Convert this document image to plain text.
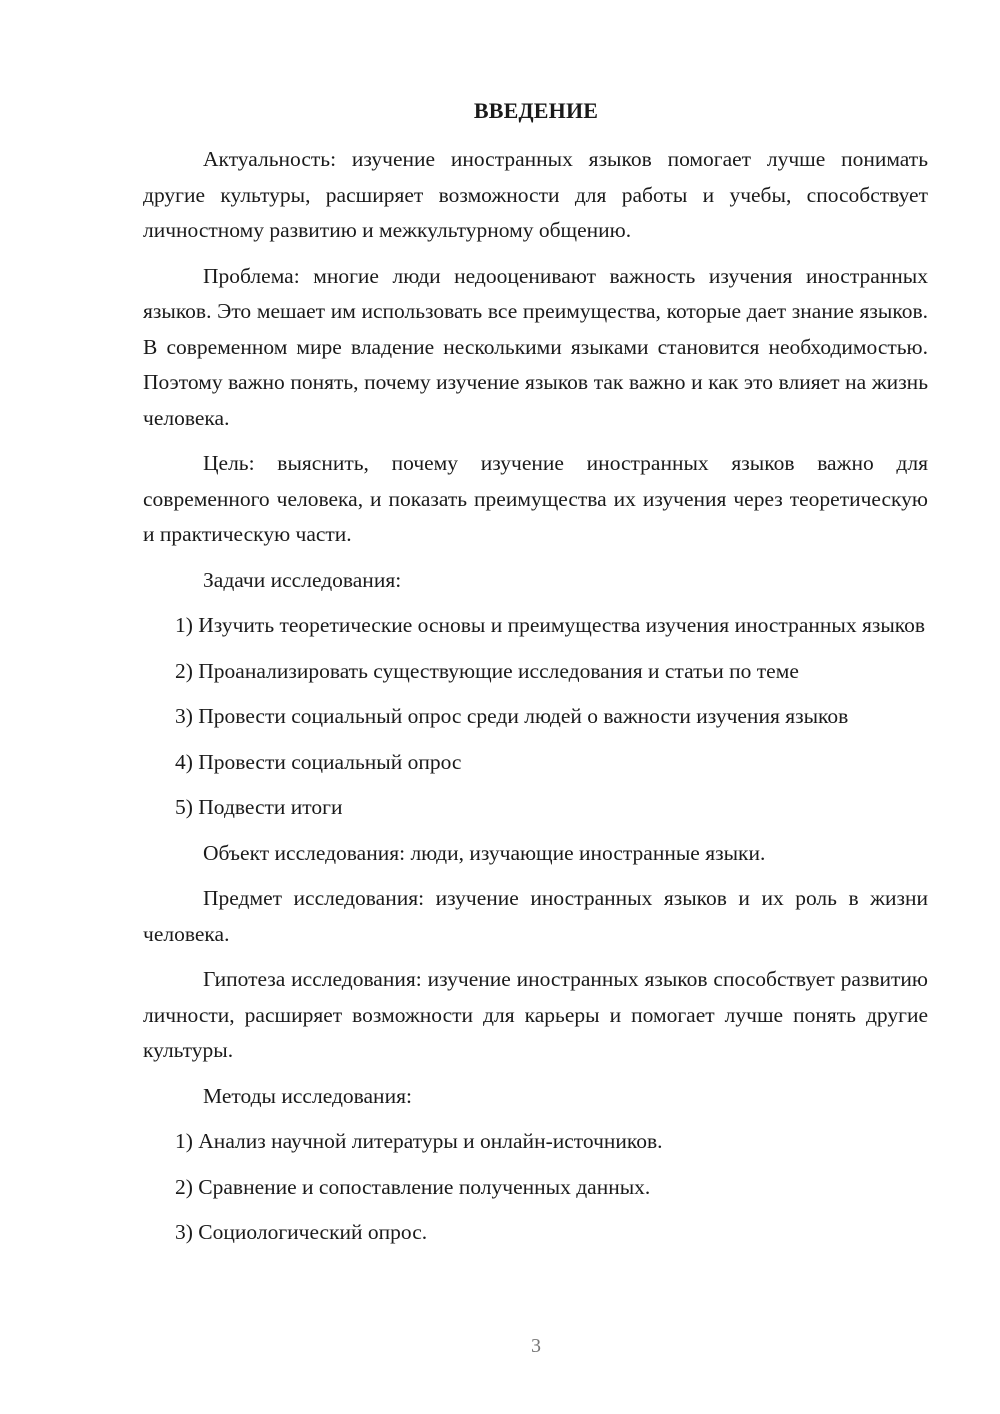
ВВЕДЕНИЕ

Актуальность: изучение иностранных языков помогает лучше понимать другие культуры, расширяет возможности для работы и учебы, способствует личностному развитию и межкультурному общению.

Проблема: многие люди недооценивают важность изучения иностранных языков. Это мешает им использовать все преимущества, которые дает знание языков. В современном мире владение несколькими языками становится необходимостью. Поэтому важно понять, почему изучение языков так важно и как это влияет на жизнь человека.

Цель: выяснить, почему изучение иностранных языков важно для современного человека, и показать преимущества их изучения через теоретическую и практическую части.

Задачи исследования:

1) Изучить теоретические основы и преимущества изучения иностранных языков

2) Проанализировать существующие исследования и статьи по теме

3) Провести социальный опрос среди людей о важности изучения языков

4) Провести социальный опрос

5) Подвести итоги

Объект исследования: люди, изучающие иностранные языки.

Предмет исследования: изучение иностранных языков и их роль в жизни человека.

Гипотеза исследования: изучение иностранных языков способствует развитию личности, расширяет возможности для карьеры и помогает лучше понять другие культуры.

Методы исследования:

1) Анализ научной литературы и онлайн-источников.

2) Сравнение и сопоставление полученных данных.

3) Социологический опрос.

3
